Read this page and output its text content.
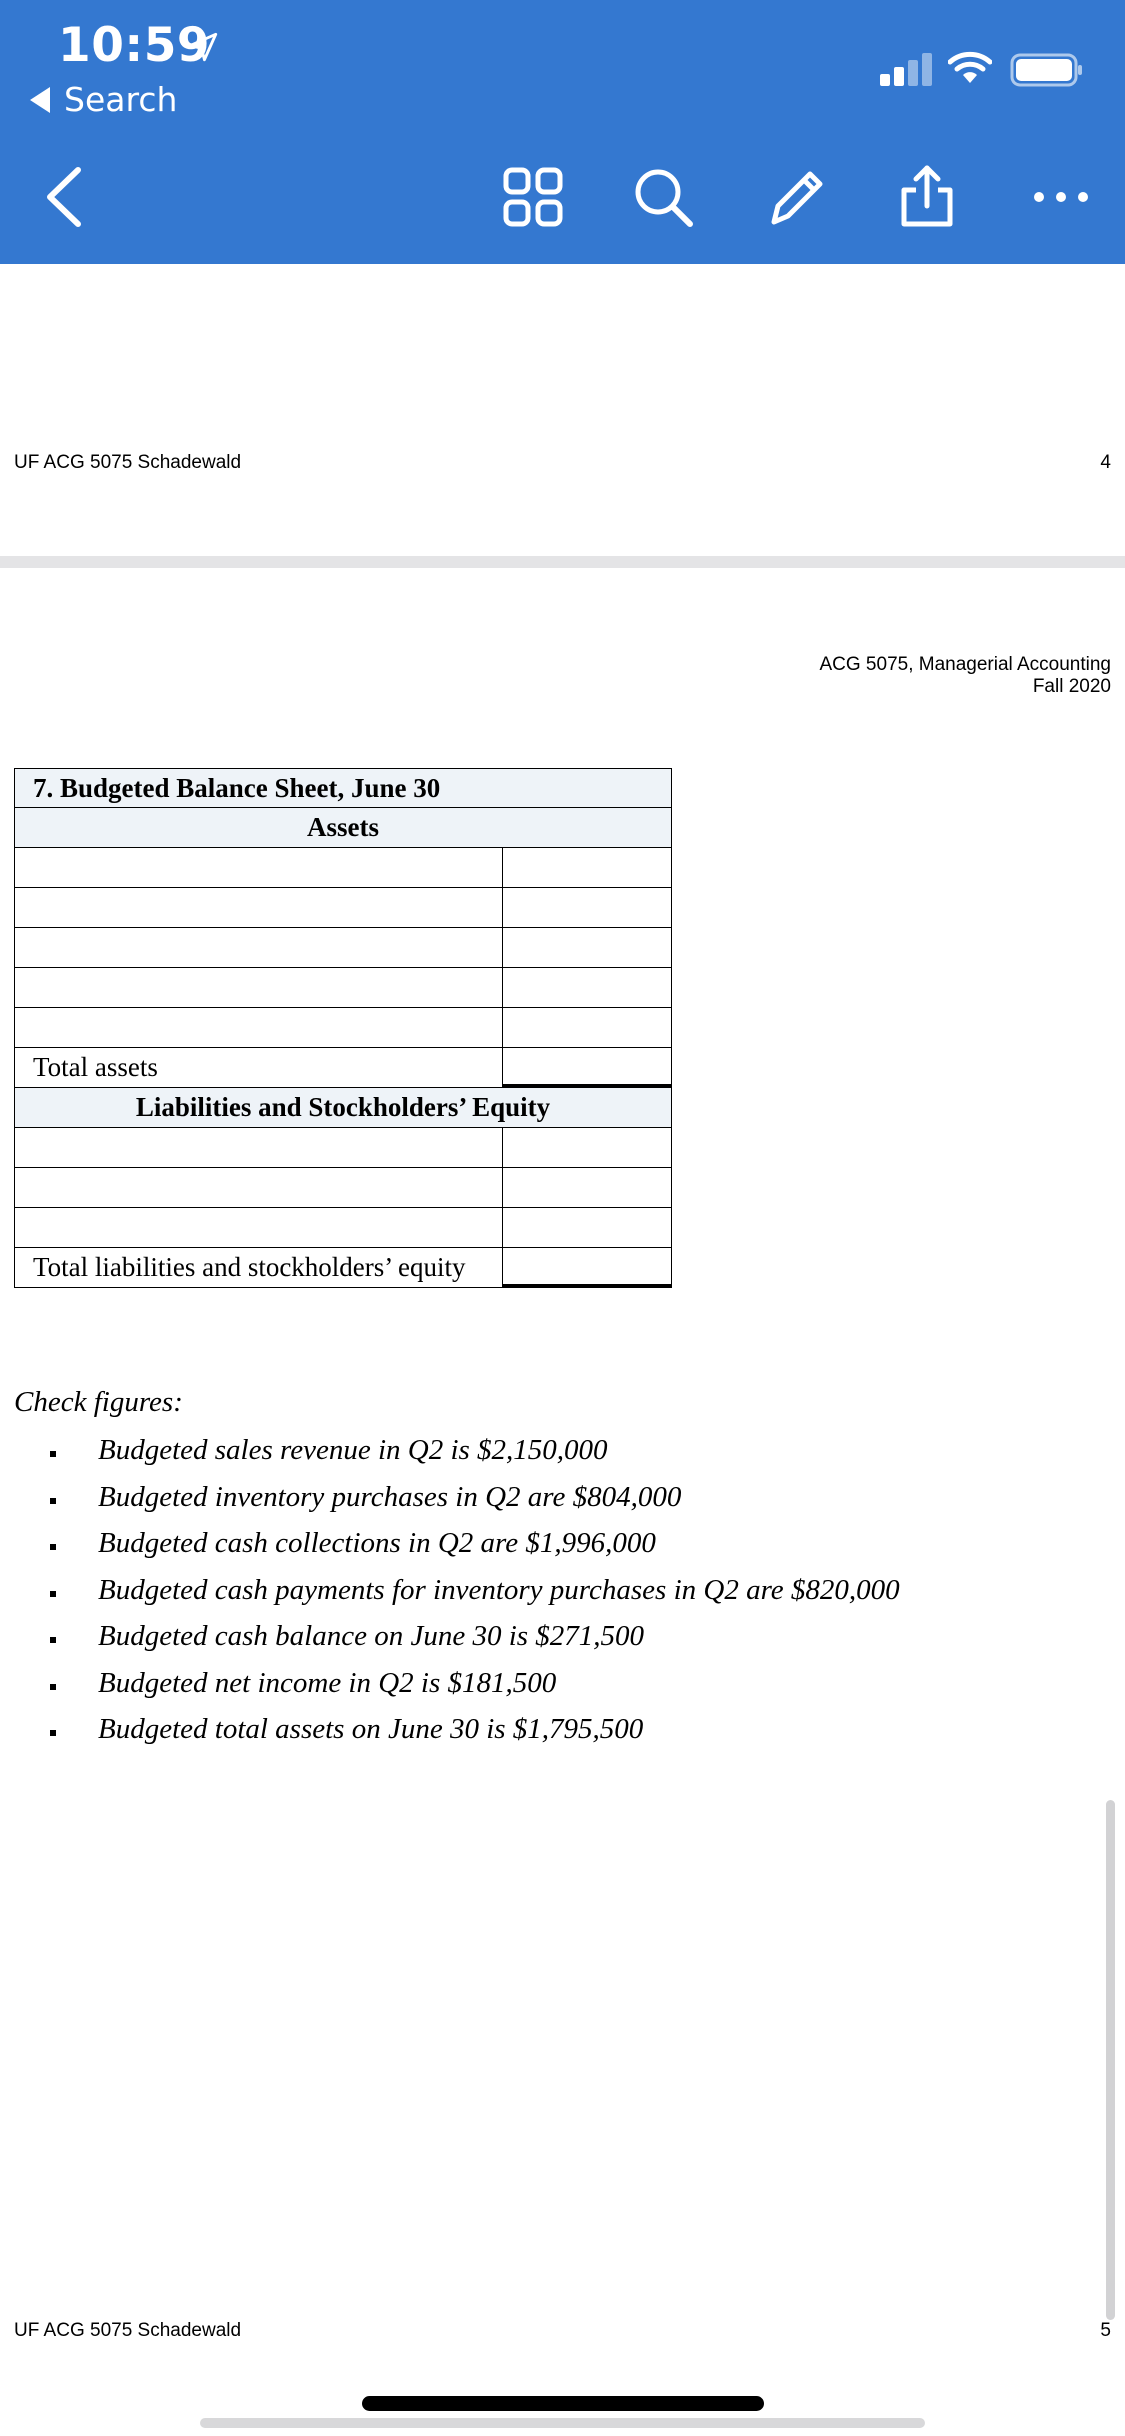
10:59
Search
UF ACG 5075 Schadewald	4
ACG 5075, Managerial Accounting
Fall 2020
7. Budgeted Balance Sheet, June 30
Assets
Total assets
Liabilities and Stockholders’ Equity
Total liabilities and stockholders’ equity
Check figures:
Budgeted sales revenue in Q2 is $2,150,000
Budgeted inventory purchases in Q2 are $804,000
Budgeted cash collections in Q2 are $1,996,000
Budgeted cash payments for inventory purchases in Q2 are $820,000
Budgeted cash balance on June 30 is $271,500
Budgeted net income in Q2 is $181,500
Budgeted total assets on June 30 is $1,795,500
UF ACG 5075 Schadewald	5
